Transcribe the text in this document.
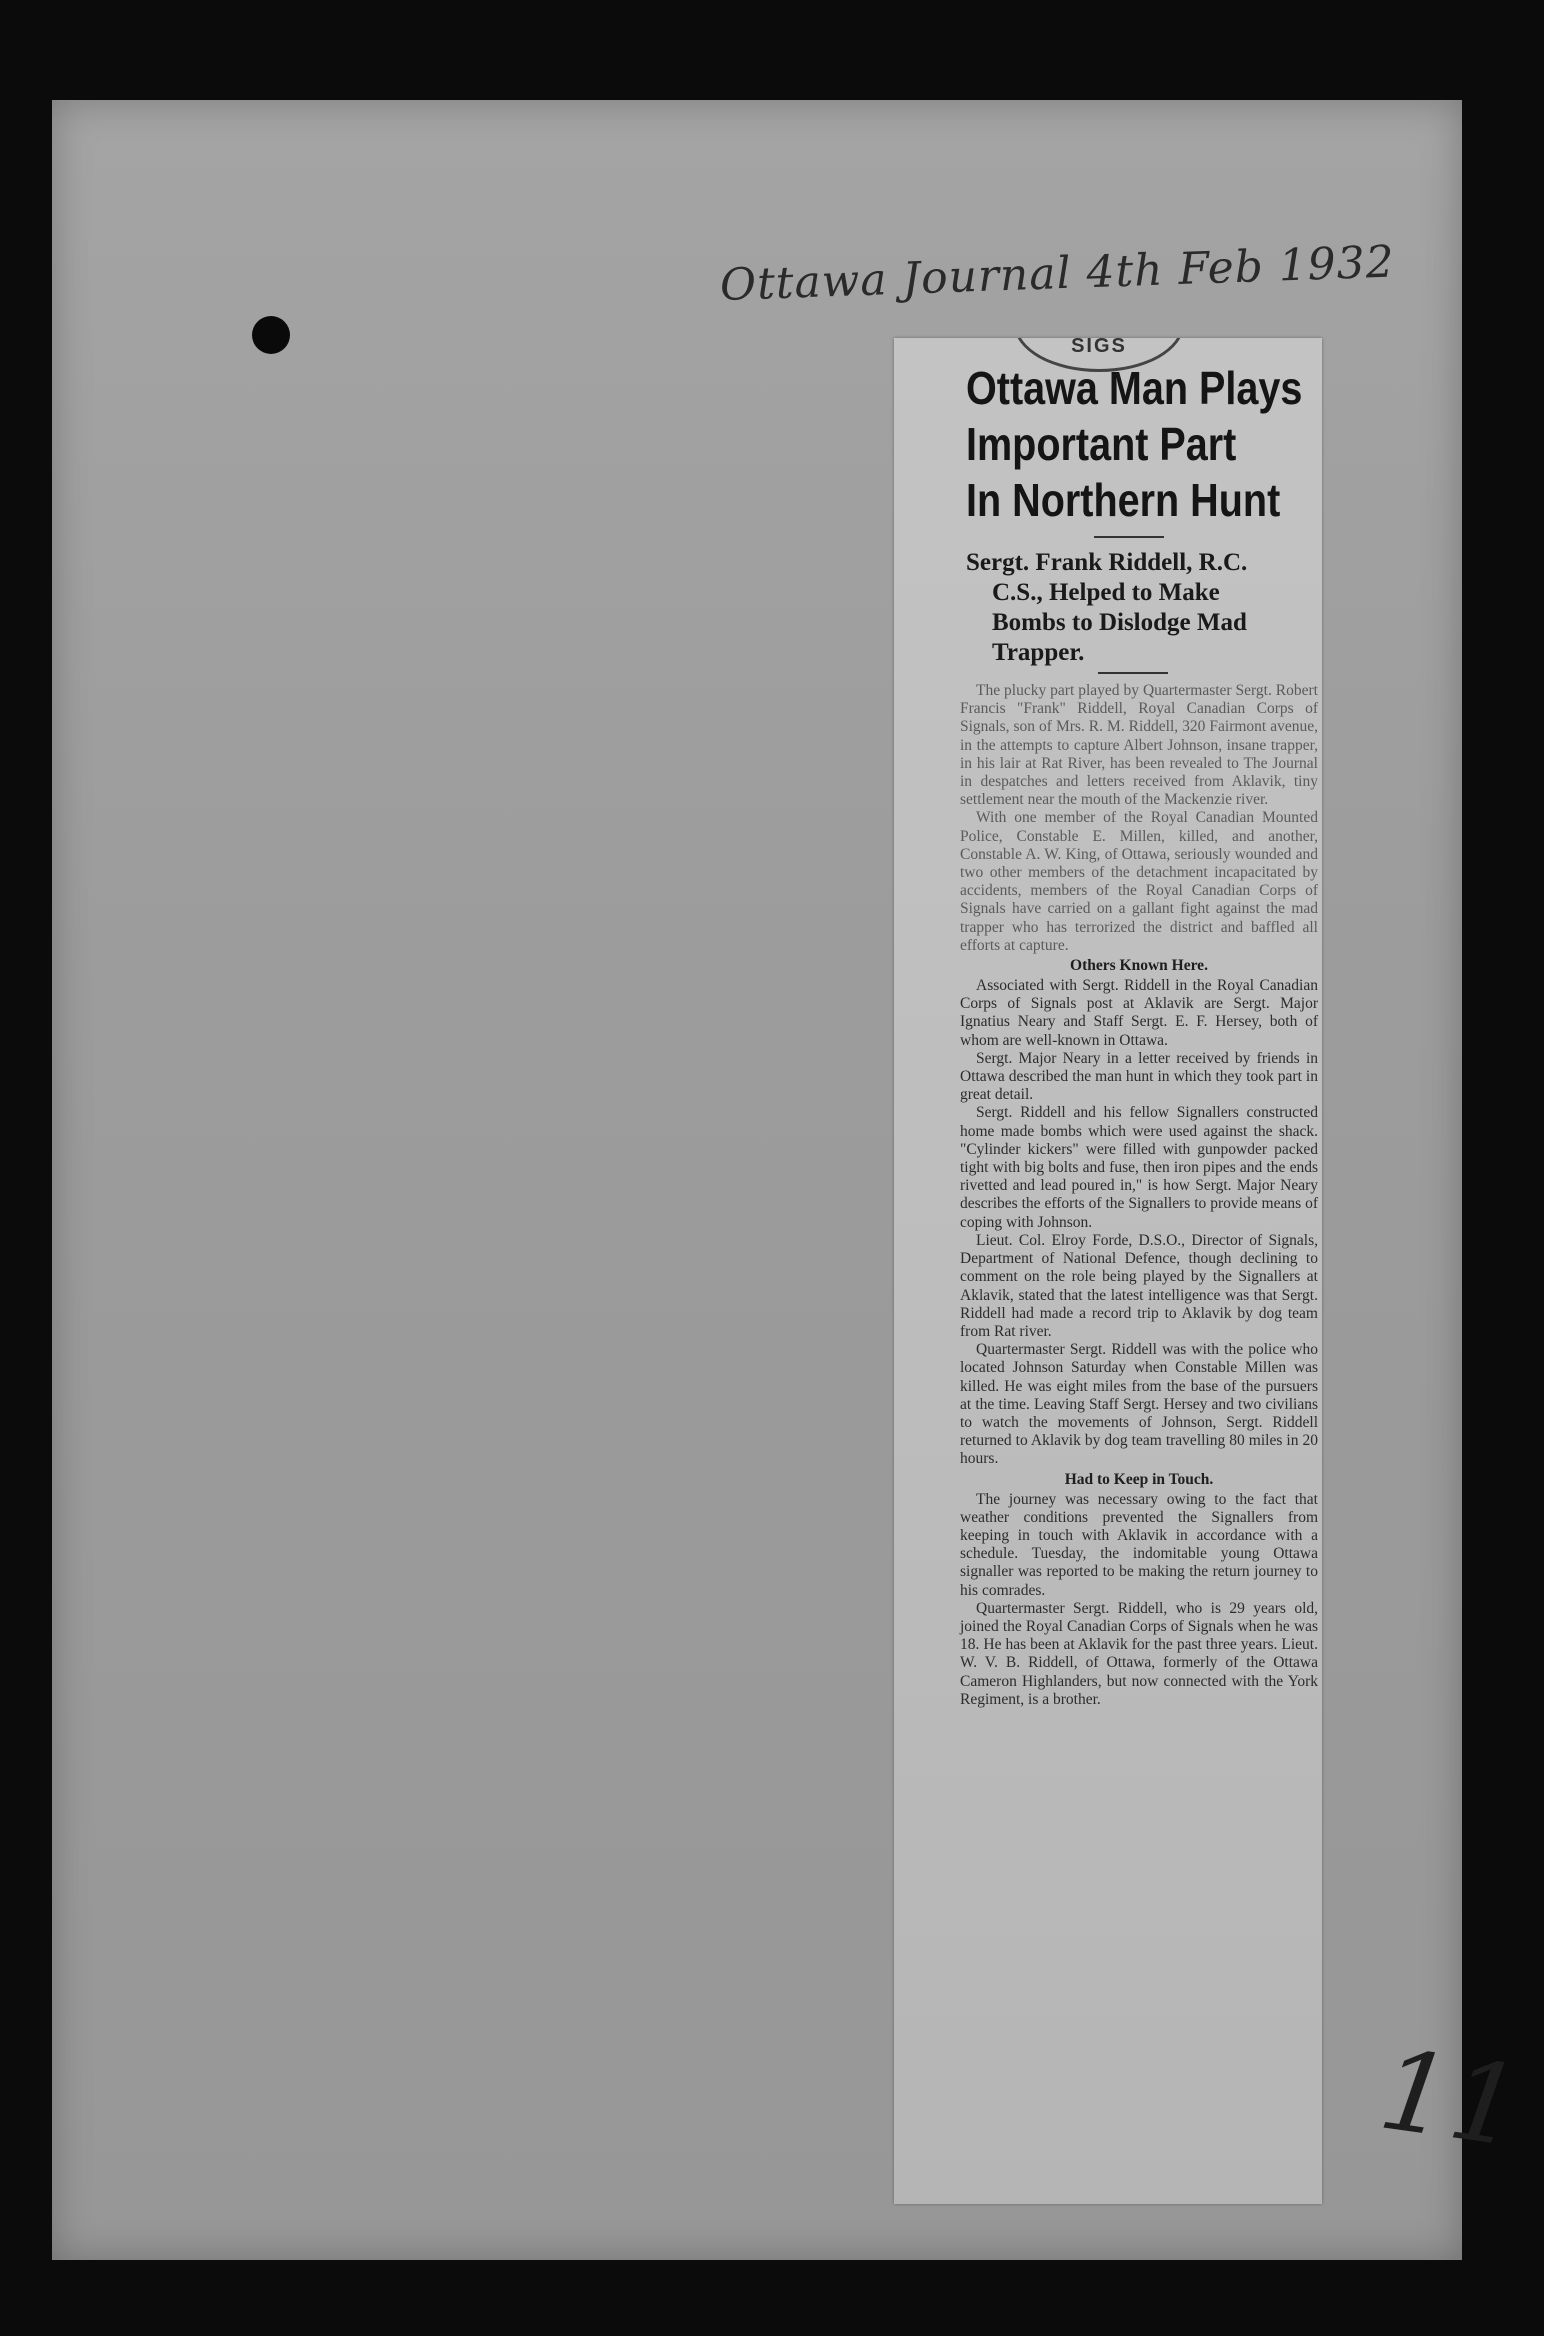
Ottawa Journal 4th Feb 1932
11
SIGS
Ottawa Man Plays
Important Part
In Northern Hunt
Sergt. Frank Riddell, R.C.
C.S., Helped to Make
Bombs to Dislodge Mad
Trapper.

The plucky part played by Quartermaster Sergt. Robert Francis "Frank" Riddell, Royal Canadian Corps of Signals, son of Mrs. R. M. Riddell, 320 Fairmont avenue, in the attempts to capture Albert Johnson, insane trapper, in his lair at Rat River, has been revealed to The Journal in despatches and letters received from Aklavik, tiny settlement near the mouth of the Mackenzie river.

With one member of the Royal Canadian Mounted Police, Constable E. Millen, killed, and another, Constable A. W. King, of Ottawa, seriously wounded and two other members of the detachment incapacitated by accidents, members of the Royal Canadian Corps of Signals have carried on a gallant fight against the mad trapper who has terrorized the district and baffled all efforts at capture.

Others Known Here.

Associated with Sergt. Riddell in the Royal Canadian Corps of Signals post at Aklavik are Sergt. Major Ignatius Neary and Staff Sergt. E. F. Hersey, both of whom are well-known in Ottawa.

Sergt. Major Neary in a letter received by friends in Ottawa described the man hunt in which they took part in great detail.

Sergt. Riddell and his fellow Signallers constructed home made bombs which were used against the shack. "Cylinder kickers" were filled with gunpowder packed tight with big bolts and fuse, then iron pipes and the ends rivetted and lead poured in," is how Sergt. Major Neary describes the efforts of the Signallers to provide means of coping with Johnson.

Lieut. Col. Elroy Forde, D.S.O., Director of Signals, Department of National Defence, though declining to comment on the role being played by the Signallers at Aklavik, stated that the latest intelligence was that Sergt. Riddell had made a record trip to Aklavik by dog team from Rat river.

Quartermaster Sergt. Riddell was with the police who located Johnson Saturday when Constable Millen was killed. He was eight miles from the base of the pursuers at the time. Leaving Staff Sergt. Hersey and two civilians to watch the movements of Johnson, Sergt. Riddell returned to Aklavik by dog team travelling 80 miles in 20 hours.

Had to Keep in Touch.

The journey was necessary owing to the fact that weather conditions prevented the Signallers from keeping in touch with Aklavik in accordance with a schedule. Tuesday, the indomitable young Ottawa signaller was reported to be making the return journey to his comrades.

Quartermaster Sergt. Riddell, who is 29 years old, joined the Royal Canadian Corps of Signals when he was 18. He has been at Aklavik for the past three years. Lieut. W. V. B. Riddell, of Ottawa, formerly of the Ottawa Cameron Highlanders, but now connected with the York Regiment, is a brother.
